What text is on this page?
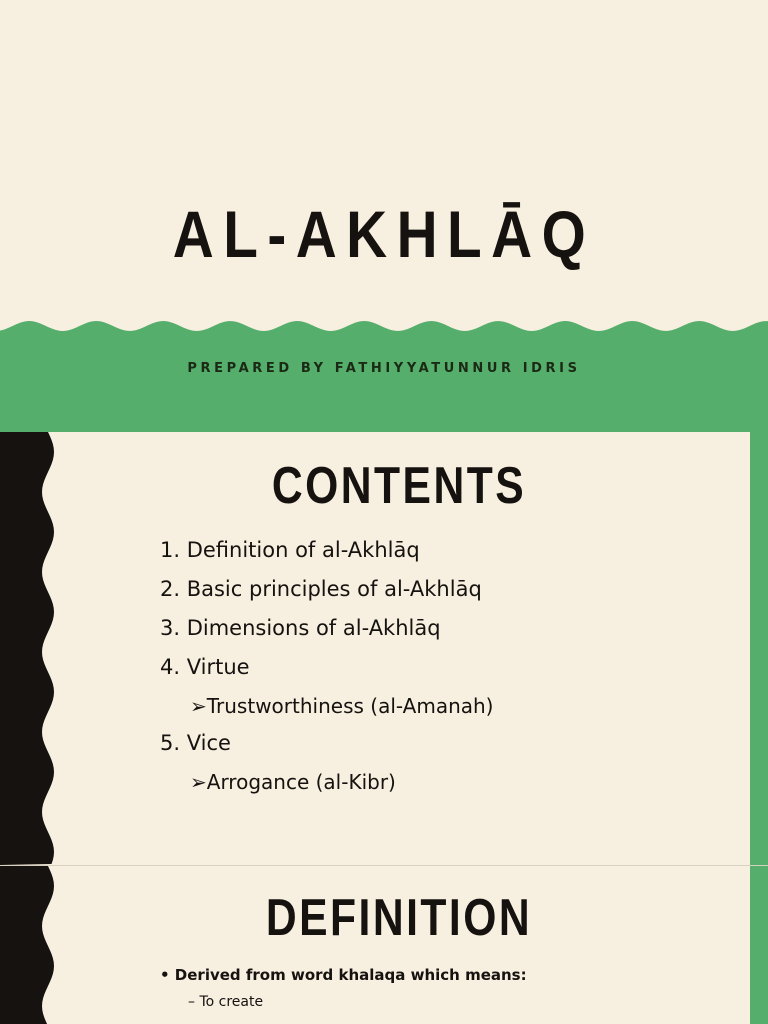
AL-AKHLĀQ
PREPARED BY FATHIYYATUNNUR IDRIS
CONTENTS
1. Definition of al-Akhlāq
2. Basic principles of al-Akhlāq
3. Dimensions of al-Akhlāq
4. Virtue
➢Trustworthiness (al-Amanah)
5. Vice
➢Arrogance (al-Kibr)
DEFINITION
• Derived from word khalaqa which means:
– To create
